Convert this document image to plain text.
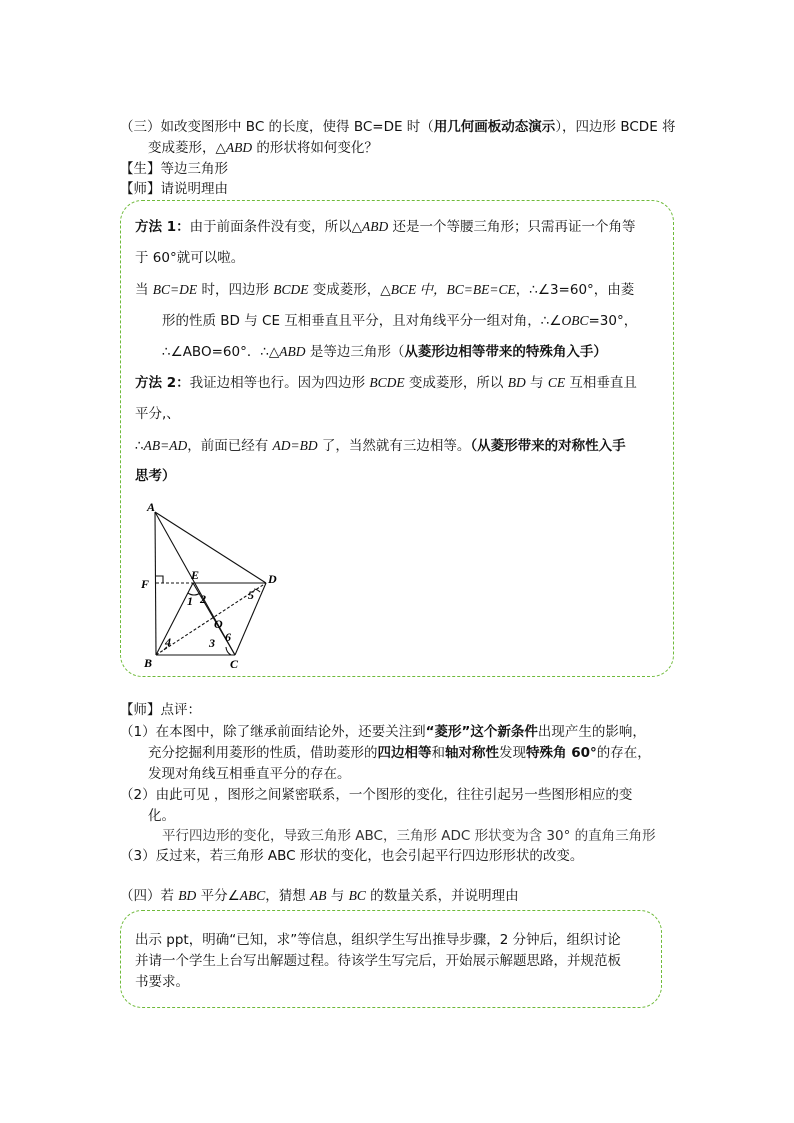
（三）如改变图形中 BC 的长度，使得 BC=DE 时（用几何画板动态演示），四边形 BCDE 将
变成菱形，△ABD 的形状将如何变化？
【生】等边三角形
【师】请说明理由
方法 1：由于前面条件没有变，所以△ABD 还是一个等腰三角形；只需再证一个角等
于 60°就可以啦。
当 BC=DE 时，四边形 BCDE 变成菱形，△BCE 中，BC=BE=CE，∴∠3=60°，由菱
形的性质 BD 与 CE 互相垂直且平分，且对角线平分一组对角，∴∠OBC=30°，
∴∠ABO=60°．∴△ABD 是等边三角形（从菱形边相等带来的特殊角入手）
方法 2：我证边相等也行。因为四边形 BCDE 变成菱形，所以 BD 与 CE 互相垂直且
平分,、
∴AB=AD，前面已经有 AD=BD 了，当然就有三边相等。（从菱形带来的对称性入手
思考）
A
B	C
D
E
F
O
1 2
3
4
5
6
【师】点评：
（1）在本图中，除了继承前面结论外，还要关注到“菱形”这个新条件出现产生的影响，
充分挖掘利用菱形的性质，借助菱形的四边相等和轴对称性发现特殊角 60°的存在，
发现对角线互相垂直平分的存在。
（2）由此可见 ，图形之间紧密联系，一个图形的变化，往往引起另一些图形相应的变
化。
平行四边形的变化，导致三角形 ABC，三角形 ADC 形状变为含 30° 的直角三角形
（3）反过来，若三角形 ABC 形状的变化，也会引起平行四边形形状的改变。
（四）若 BD 平分∠ABC，猜想 AB 与 BC 的数量关系，并说明理由
出示 ppt，明确“已知，求”等信息，组织学生写出推导步骤，2 分钟后，组织讨论
并请一个学生上台写出解题过程。待该学生写完后，开始展示解题思路，并规范板
书要求。
